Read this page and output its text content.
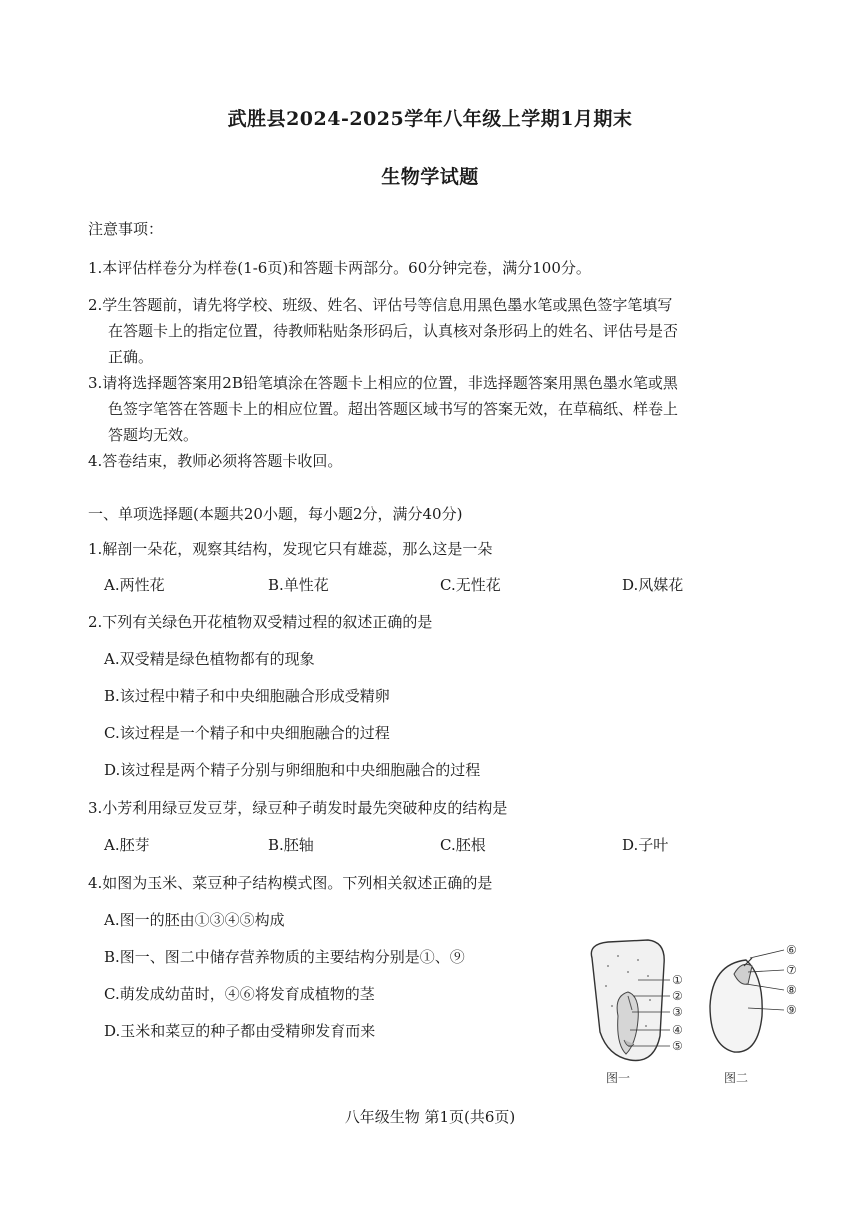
武胜县2024-2025学年八年级上学期1月期末
生物学试题
注意事项：
1.本评估样卷分为样卷(1-6页)和答题卡两部分。60分钟完卷，满分100分。
2.学生答题前，请先将学校、班级、姓名、评估号等信息用黑色墨水笔或黑色签字笔填写
在答题卡上的指定位置，待教师粘贴条形码后，认真核对条形码上的姓名、评估号是否
正确。
3.请将选择题答案用2B铅笔填涂在答题卡上相应的位置，非选择题答案用黑色墨水笔或黑
色签字笔答在答题卡上的相应位置。超出答题区域书写的答案无效，在草稿纸、样卷上
答题均无效。
4.答卷结束，教师必须将答题卡收回。
一、单项选择题(本题共20小题，每小题2分，满分40分)
1.解剖一朵花，观察其结构，发现它只有雄蕊，那么这是一朵
A.两性花	B.单性花	C.无性花	D.风媒花
2.下列有关绿色开花植物双受精过程的叙述正确的是
A.双受精是绿色植物都有的现象
B.该过程中精子和中央细胞融合形成受精卵
C.该过程是一个精子和中央细胞融合的过程
D.该过程是两个精子分别与卵细胞和中央细胞融合的过程
3.小芳利用绿豆发豆芽，绿豆种子萌发时最先突破种皮的结构是
A.胚芽	B.胚轴	C.胚根	D.子叶
4.如图为玉米、菜豆种子结构模式图。下列相关叙述正确的是
A.图一的胚由①③④⑤构成
B.图一、图二中储存营养物质的主要结构分别是①、⑨
C.萌发成幼苗时，④⑥将发育成植物的茎
D.玉米和菜豆的种子都由受精卵发育而来
①
②
③
④
⑤
图一
⑥
⑦
⑧
⑨
图二
八年级生物 第1页(共6页)
